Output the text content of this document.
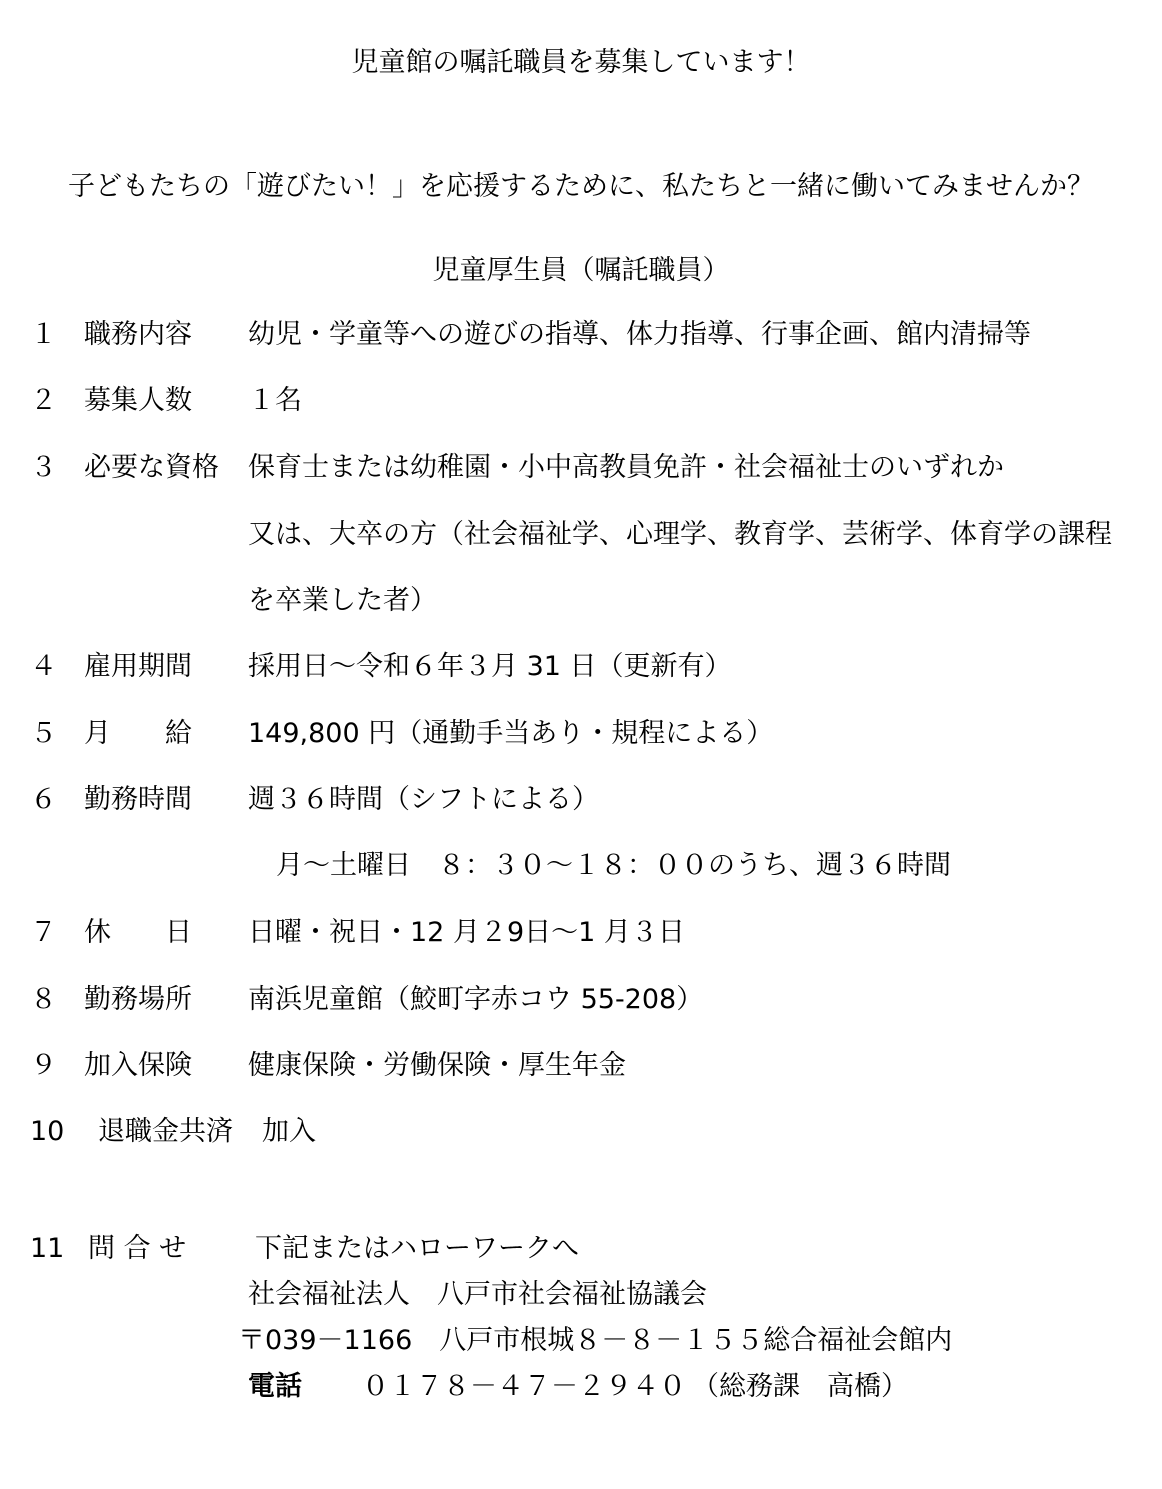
児童館の嘱託職員を募集しています！
子どもたちの「遊びたい！」を応援するために、私たちと一緒に働いてみませんか？
児童厚生員（嘱託職員）
１ 職務内容 幼児・学童等への遊びの指導、体力指導、行事企画、館内清掃等
２ 募集人数 １名
３ 必要な資格 保育士または幼稚園・小中高教員免許・社会福祉士のいずれか
又は、大卒の方（社会福祉学、心理学、教育学、芸術学、体育学の課程
を卒業した者）
４ 雇用期間 採用日～令和６年３月 31 日（更新有）
５ 月　　給 149,800 円（通勤手当あり・規程による）
６ 勤務時間 週３６時間（シフトによる）
月～土曜日　８：３０～１８：００のうち、週３６時間
７ 休　　日 日曜・祝日・12 月２9日～1 月３日
８ 勤務場所 南浜児童館（鮫町字赤コウ 55-208）
９ 加入保険 健康保険・労働保険・厚生年金
10 退職金共済 加入
11 問 合 せ	下記またはハローワークへ
社会福祉法人　八戸市社会福祉協議会
〒039－1166　八戸市根城８－８－１５５総合福祉会館内
電話 ０１７８－４７－２９４０ （総務課　高橋）
